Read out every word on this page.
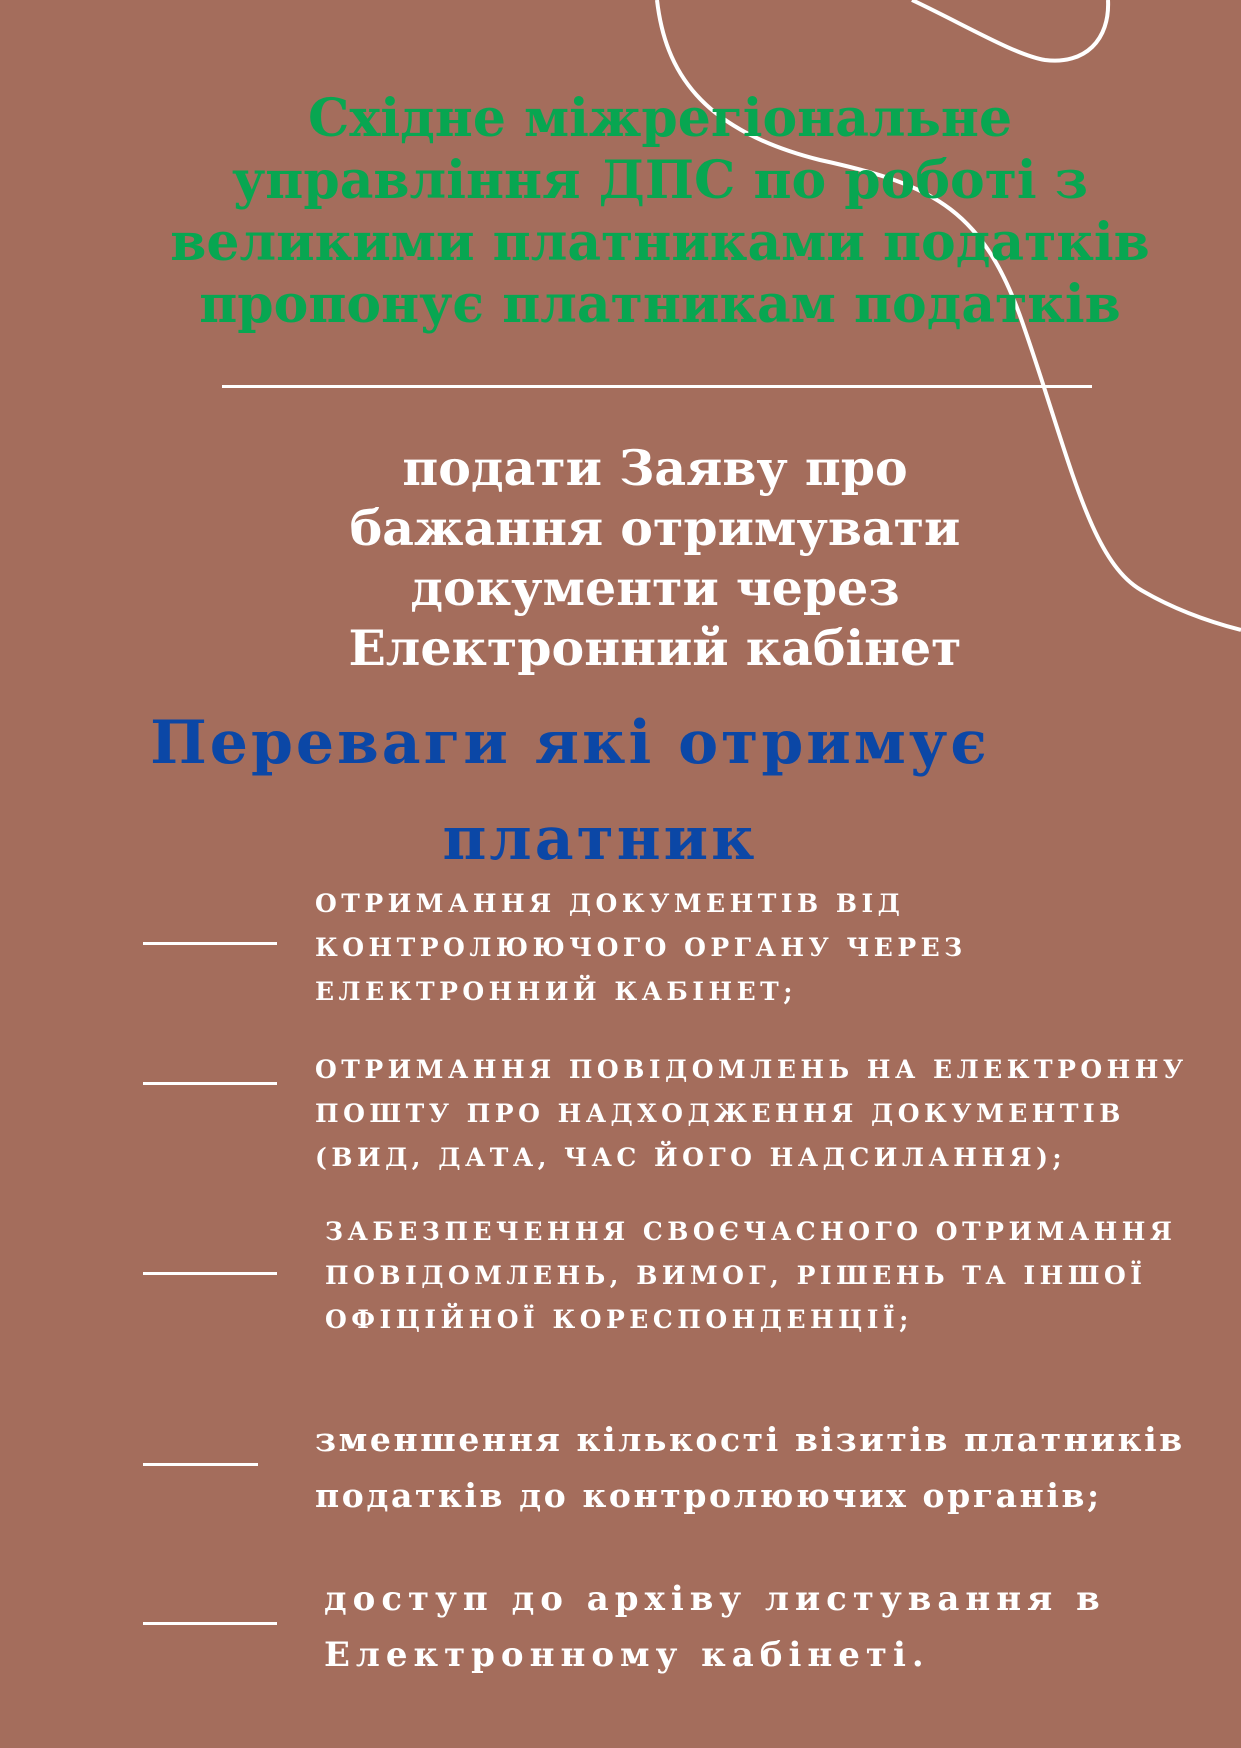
Східне міжрегіональне
управління ДПС по роботі з
великими платниками податків
пропонує платникам податків
подати Заяву про
бажання отримувати
документи через
Електронний кабінет
Переваги які отримує
платник
ОТРИМАННЯ ДОКУМЕНТІВ ВІД
КОНТРОЛЮЮЧОГО ОРГАНУ ЧЕРЕЗ
ЕЛЕКТРОННИЙ КАБІНЕТ;
ОТРИМАННЯ ПОВІДОМЛЕНЬ НА ЕЛЕКТРОННУ
ПОШТУ ПРО НАДХОДЖЕННЯ ДОКУМЕНТІВ
(ВИД, ДАТА, ЧАС ЙОГО НАДСИЛАННЯ);
ЗАБЕЗПЕЧЕННЯ СВОЄЧАСНОГО ОТРИМАННЯ
ПОВІДОМЛЕНЬ, ВИМОГ, РІШЕНЬ ТА ІНШОЇ
ОФІЦІЙНОЇ КОРЕСПОНДЕНЦІЇ;
зменшення кількості візитів платників
податків до контролюючих органів;
доступ до архіву листування в
Електронному кабінеті.
